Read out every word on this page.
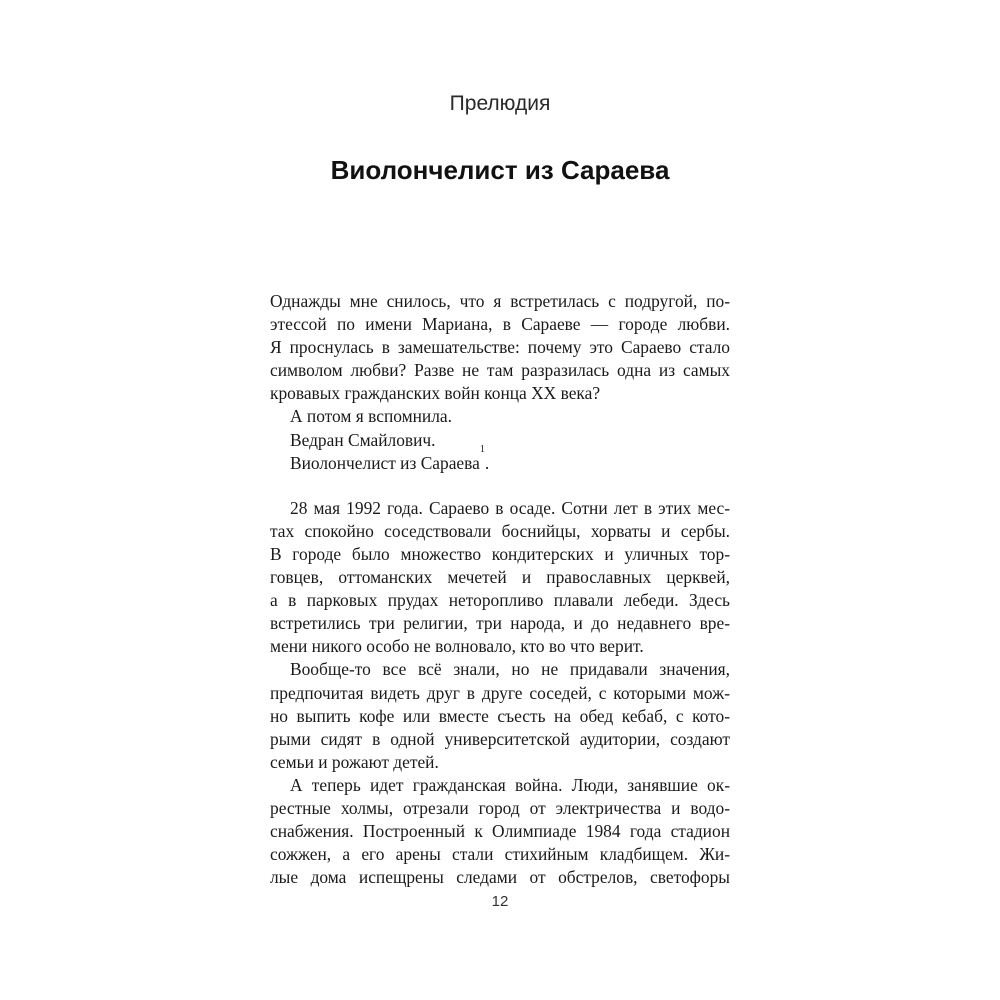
Прелюдия
Виолончелист из Сараева
Однажды мне снилось, что я встретилась с подругой, по-
этессой по имени Мариана, в Сараеве — городе любви.
Я проснулась в замешательстве: почему это Сараево стало
символом любви? Разве не там разразилась одна из самых
кровавых гражданских войн конца XX века?
А потом я вспомнила.
Ведран Смайлович.
Виолончелист из Сараева$^1$.
28 мая 1992 года. Сараево в осаде. Сотни лет в этих мес-
тах спокойно соседствовали боснийцы, хорваты и сербы.
В городе было множество кондитерских и уличных тор-
говцев, оттоманских мечетей и православных церквей,
а в парковых прудах неторопливо плавали лебеди. Здесь
встретились три религии, три народа, и до недавнего вре-
мени никого особо не волновало, кто во что верит.
Вообще-то все всё знали, но не придавали значения,
предпочитая видеть друг в друге соседей, с которыми мож-
но выпить кофе или вместе съесть на обед кебаб, с кото-
рыми сидят в одной университетской аудитории, создают
семьи и рожают детей.
А теперь идет гражданская война. Люди, занявшие ок-
рестные холмы, отрезали город от электричества и водо-
снабжения. Построенный к Олимпиаде 1984 года стадион
сожжен, а его арены стали стихийным кладбищем. Жи-
лые дома испещрены следами от обстрелов, светофоры
12
